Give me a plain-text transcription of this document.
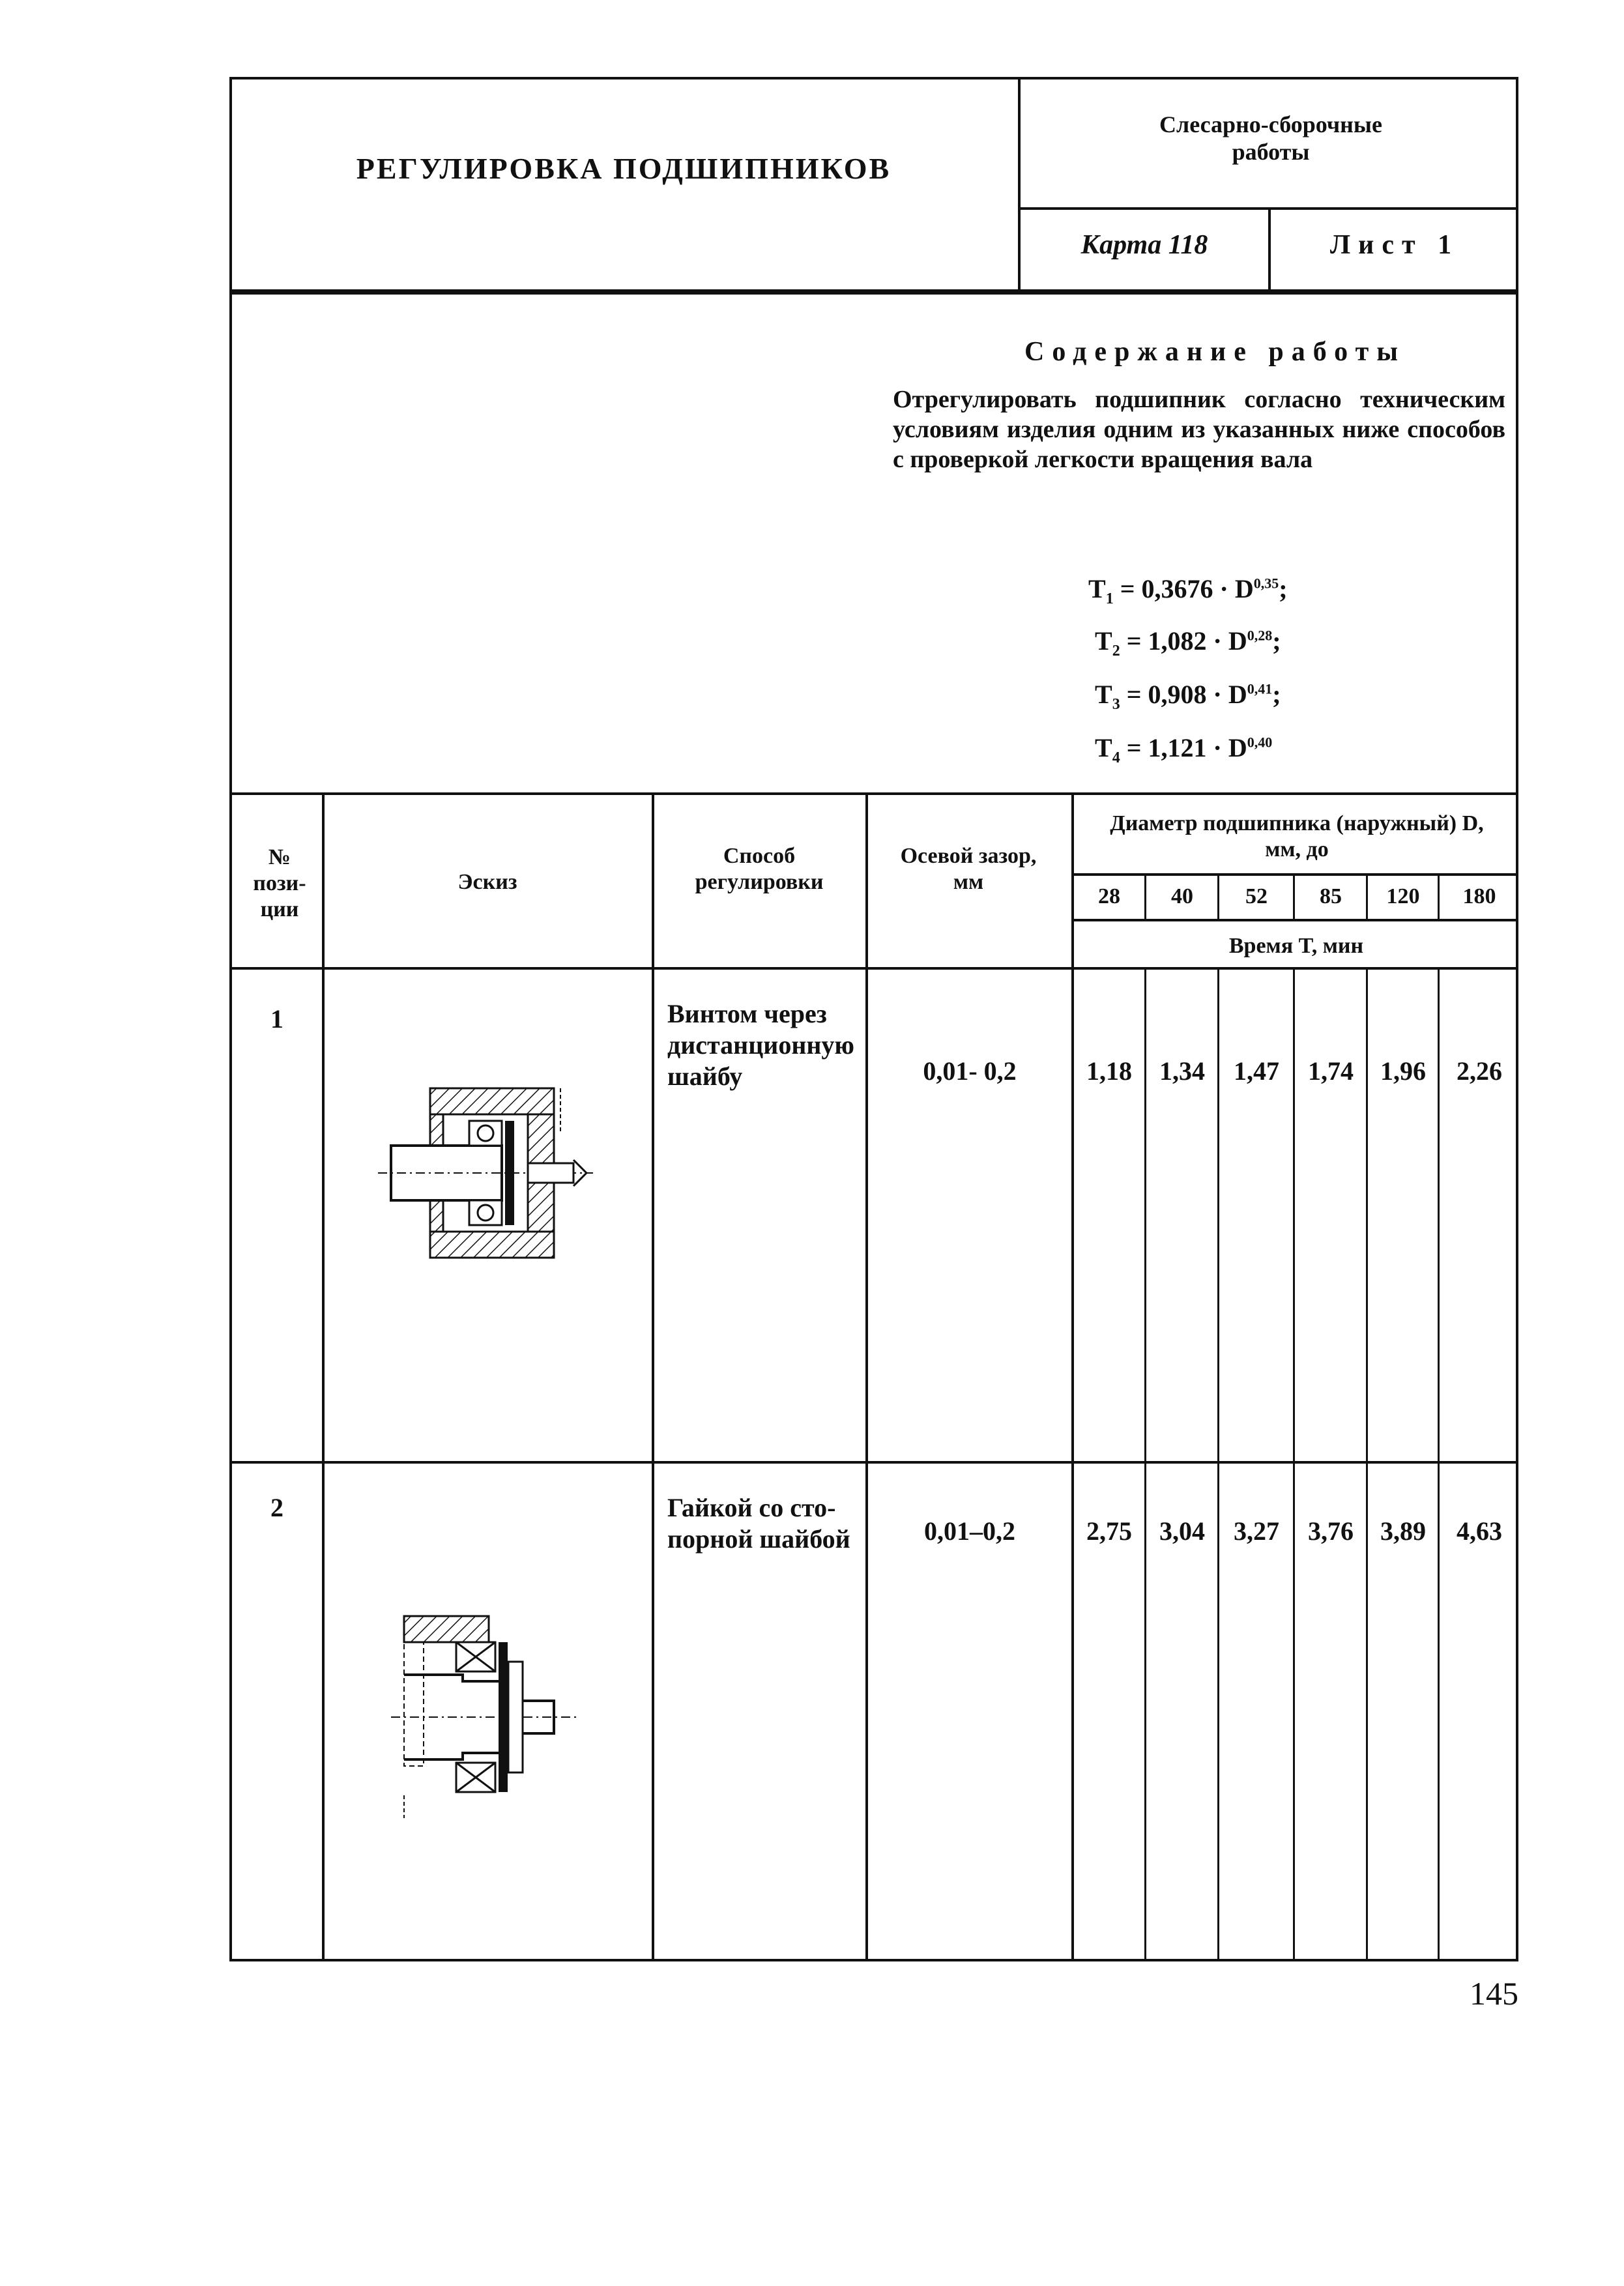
РЕГУЛИРОВКА ПОДШИПНИКОВ
Слесарно-сборочные работы
Карта 118	Лист 1
Содержание работы
Отрегулировать подшипник согласно техническим условиям изделия одним из указанных ниже способов с проверкой легкости вращения вала
$T_1 = 0,3676 \cdot D^{0,35}$;
$T_2 = 1,082 \cdot D^{0,28}$;
$T_3 = 0,908 \cdot D^{0,41}$;
$T_4 = 1,121 \cdot D^{0,40}$
№ пози- ции
Эскиз
Способ регулировки
Осевой зазор, мм
Диаметр подшипника (наружный) D, мм, до
Время T, мин
28	40	52	85	120	180
1	Винтом через дистанционную шайбу	0,01- 0,2	1,18	1,34	1,47	1,74	1,96	2,26
2	Гайкой со сто- порной шайбой	0,01–0,2	2,75	3,04	3,27	3,76	3,89	4,63
145
